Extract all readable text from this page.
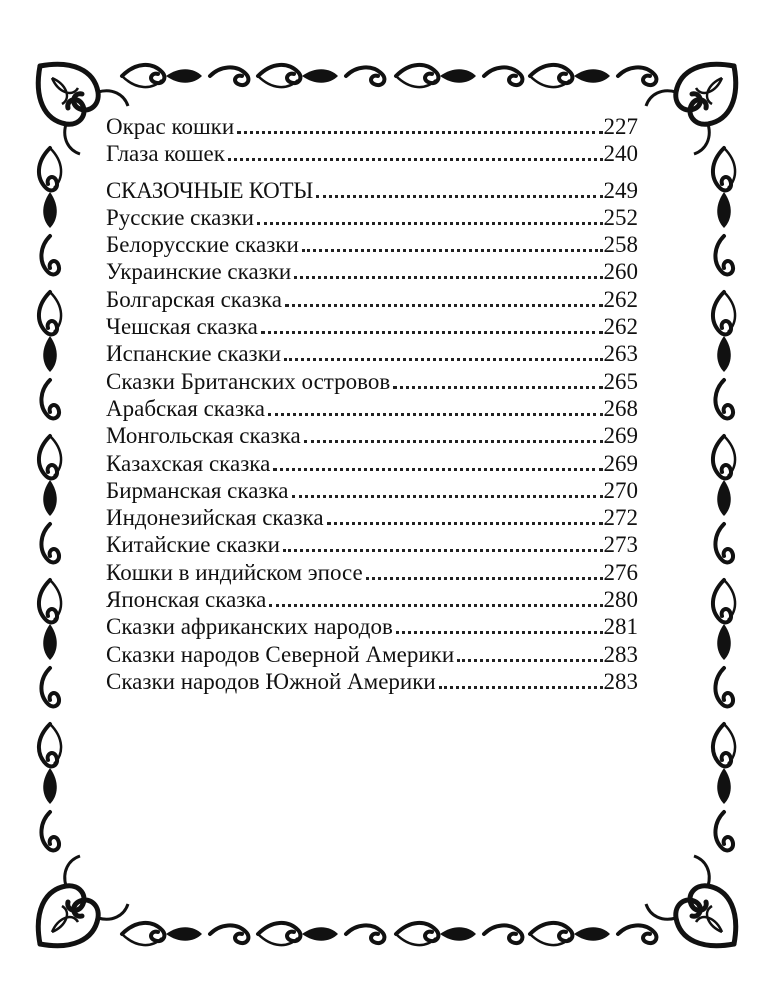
Окрас кошки	227
Глаза кошек	240
СКАЗОЧНЫЕ КОТЫ	249
Русские сказки	252
Белорусские сказки	258
Украинские сказки	260
Болгарская сказка	262
Чешская сказка	262
Испанские сказки	263
Сказки Британских островов	265
Арабская сказка	268
Монгольская сказка	269
Казахская сказка	269
Бирманская сказка	270
Индонезийская сказка	272
Китайские сказки	273
Кошки в индийском эпосе	276
Японская сказка	280
Сказки африканских народов	281
Сказки народов Северной Америки	283
Сказки народов Южной Америки	283
